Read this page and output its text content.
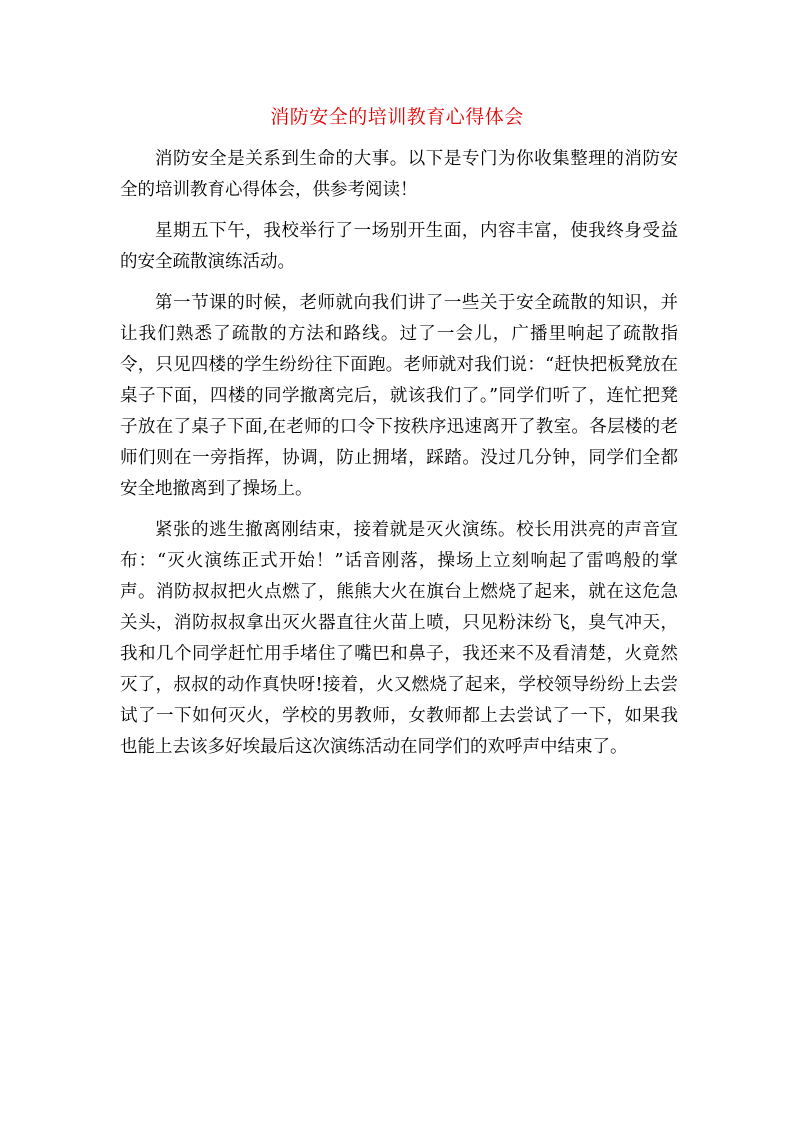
消防安全的培训教育心得体会

消防安全是关系到生命的大事。以下是专门为你收集整理的消防安全的培训教育心得体会，供参考阅读！

星期五下午，我校举行了一场别开生面，内容丰富，使我终身受益的安全疏散演练活动。

第一节课的时候，老师就向我们讲了一些关于安全疏散的知识，并让我们熟悉了疏散的方法和路线。过了一会儿，广播里响起了疏散指令，只见四楼的学生纷纷往下面跑。老师就对我们说：“赶快把板凳放在桌子下面，四楼的同学撤离完后，就该我们了。”同学们听了，连忙把凳子放在了桌子下面,在老师的口令下按秩序迅速离开了教室。各层楼的老师们则在一旁指挥，协调，防止拥堵，踩踏。没过几分钟，同学们全都安全地撤离到了操场上。

紧张的逃生撤离刚结束，接着就是灭火演练。校长用洪亮的声音宣布：“灭火演练正式开始！”话音刚落，操场上立刻响起了雷鸣般的掌声。消防叔叔把火点燃了，熊熊大火在旗台上燃烧了起来，就在这危急关头，消防叔叔拿出灭火器直往火苗上喷，只见粉沫纷飞，臭气冲天，我和几个同学赶忙用手堵住了嘴巴和鼻子，我还来不及看清楚，火竟然灭了，叔叔的动作真快呀!接着，火又燃烧了起来，学校领导纷纷上去尝试了一下如何灭火，学校的男教师，女教师都上去尝试了一下，如果我也能上去该多好埃最后这次演练活动在同学们的欢呼声中结束了。
